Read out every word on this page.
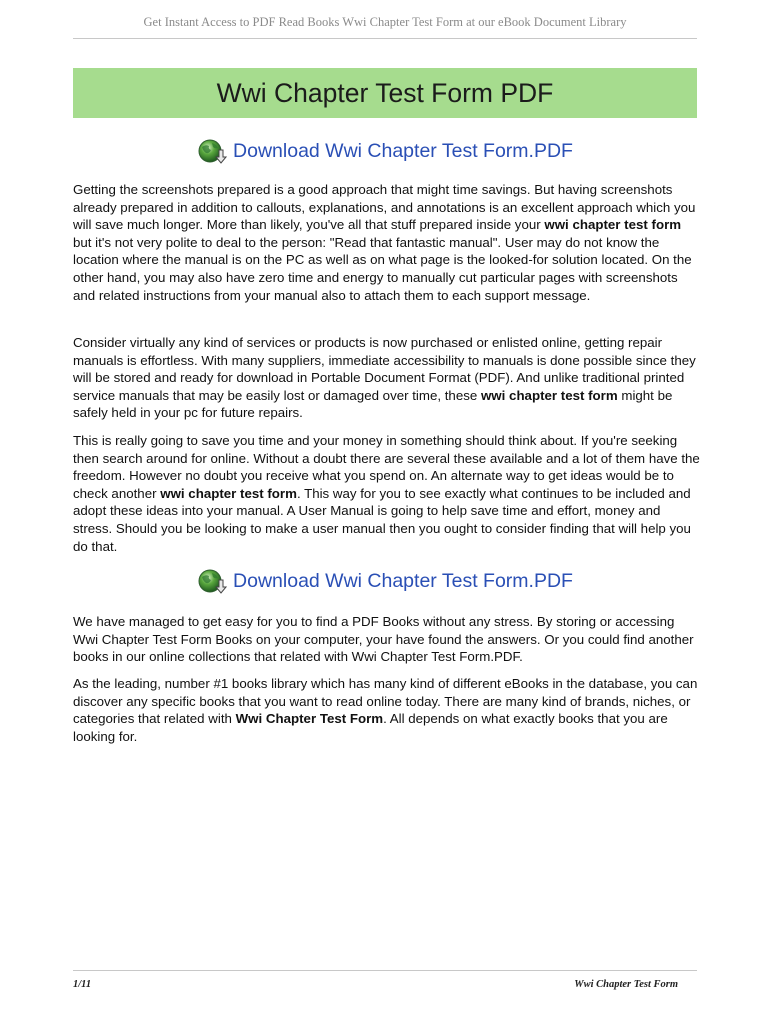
Get Instant Access to PDF Read Books Wwi Chapter Test Form at our eBook Document Library
Wwi Chapter Test Form PDF
Download Wwi Chapter Test Form.PDF

Getting the screenshots prepared is a good approach that might time savings. But having screenshots already prepared in addition to callouts, explanations, and annotations is an excellent approach which you will save much longer. More than likely, you've all that stuff prepared inside your wwi chapter test form but it's not very polite to deal to the person: "Read that fantastic manual". User may do not know the location where the manual is on the PC as well as on what page is the looked-for solution located. On the other hand, you may also have zero time and energy to manually cut particular pages with screenshots and related instructions from your manual also to attach them to each support message.

Consider virtually any kind of services or products is now purchased or enlisted online, getting repair manuals is effortless. With many suppliers, immediate accessibility to manuals is done possible since they will be stored and ready for download in Portable Document Format (PDF). And unlike traditional printed service manuals that may be easily lost or damaged over time, these wwi chapter test form might be safely held in your pc for future repairs.

This is really going to save you time and your money in something should think about. If you're seeking then search around for online. Without a doubt there are several these available and a lot of them have the freedom. However no doubt you receive what you spend on. An alternate way to get ideas would be to check another wwi chapter test form. This way for you to see exactly what continues to be included and adopt these ideas into your manual. A User Manual is going to help save time and effort, money and stress. Should you be looking to make a user manual then you ought to consider finding that will help you do that.

Download Wwi Chapter Test Form.PDF

We have managed to get easy for you to find a PDF Books without any stress. By storing or accessing Wwi Chapter Test Form Books on your computer, your have found the answers. Or you could find another books in our online collections that related with Wwi Chapter Test Form.PDF.

As the leading, number #1 books library which has many kind of different eBooks in the database, you can discover any specific books that you want to read online today. There are many kind of brands, niches, or categories that related with Wwi Chapter Test Form. All depends on what exactly books that you are looking for.

1/11	Wwi Chapter Test Form
